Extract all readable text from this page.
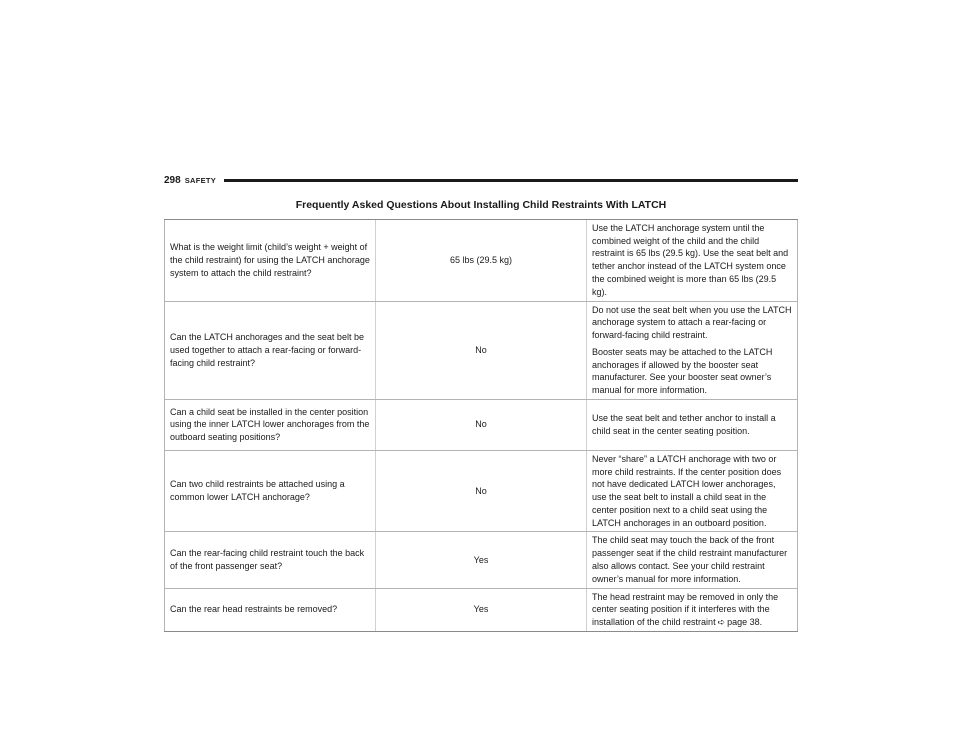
298 SAFETY
Frequently Asked Questions About Installing Child Restraints With LATCH		
What is the weight limit (child’s weight + weight of the child restraint) for using the LATCH anchorage system to attach the child restraint?	65 lbs (29.5 kg)	Use the LATCH anchorage system until the combined weight of the child and the child restraint is 65 lbs (29.5 kg). Use the seat belt and tether anchor instead of the LATCH system once the combined weight is more than 65 lbs (29.5 kg).

Can the LATCH anchorages and the seat belt be used together to attach a rear-facing or forward-facing child restraint?	No	Do not use the seat belt when you use the LATCH anchorage system to attach a rear-facing or forward-facing child restraint.

Booster seats may be attached to the LATCH anchorages if allowed by the booster seat manufacturer. See your booster seat owner’s manual for more information.

Can a child seat be installed in the center position using the inner LATCH lower anchorages from the outboard seating positions?	No	Use the seat belt and tether anchor to install a child seat in the center seating position.

Can two child restraints be attached using a common lower LATCH anchorage?	No	Never “share” a LATCH anchorage with two or more child restraints. If the center position does not have dedicated LATCH lower anchorages, use the seat belt to install a child seat in the center position next to a child seat using the LATCH anchorages in an outboard position.

Can the rear-facing child restraint touch the back of the front passenger seat?	Yes	The child seat may touch the back of the front passenger seat if the child restraint manufacturer also allows contact. See your child restraint owner’s manual for more information.

Can the rear head restraints be removed?	Yes	The head restraint may be removed in only the center seating position if it interferes with the installation of the child restraint ➪ page 38.
